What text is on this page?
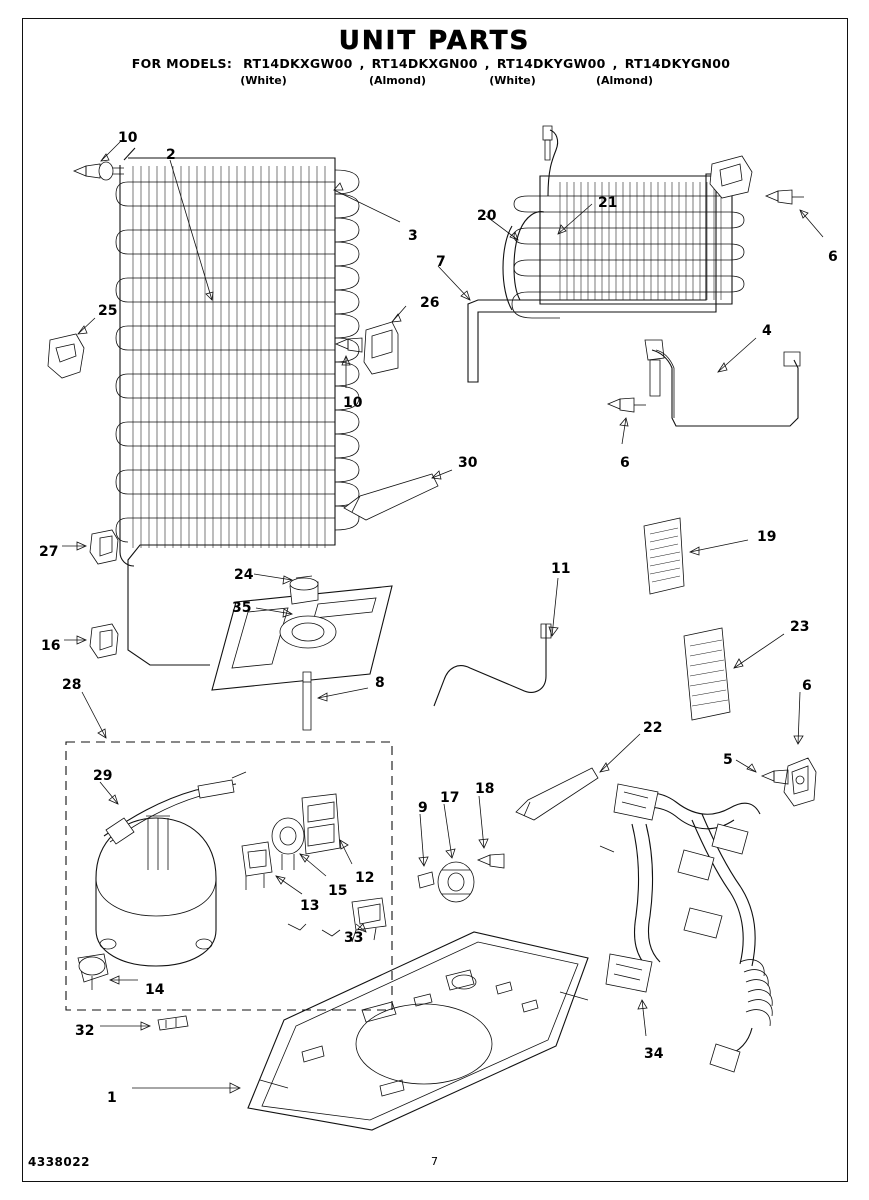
UNIT PARTS
FOR MODELS: RT14DKXGW00 , RT14DKXGN00 , RT14DKYGW00 , RT14DKYGN00
(White)	(Almond)	(White)	(Almond)
10
2
3
20
21
6
7
25	26
4
10
6
30
19
27
24	11
35
16
23
6
8
28
22
5
29
9
17
18
12
15
13
33
14
34
32
1
4338022	7
